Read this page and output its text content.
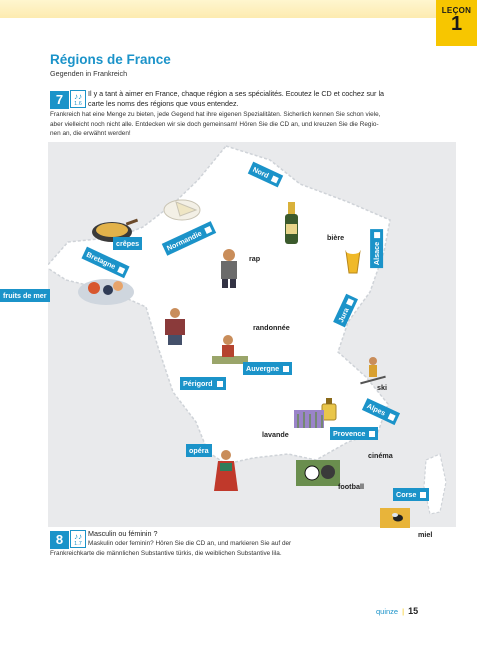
LEÇON
1
Régions de France
Gegenden in Frankreich
7	♪♪
1.6
Il y a tant à aimer en France, chaque région a ses spécialités. Ecoutez le CD et cochez sur la
carte les noms des régions que vous entendez.
Frankreich hat eine Menge zu bieten, jede Gegend hat ihre eigenen Spezialitäten. Sicherlich kennen Sie schon viele,
aber vielleicht noch nicht alle. Entdecken wir sie doch gemeinsam! Hören Sie die CD an, und kreuzen Sie die Regio-
nen an, die erwähnt werden!
Nord
Normandie
Bretagne	Alsace
Jura
Auvergne
Périgord
Alpes
Provence
Corse
crêpes
fruits de mer
rap
bière
randonnée
ski
lavande
opéra
cinéma
football
miel
8	♪♪
1.7
Masculin ou féminin ?
Maskulin oder feminin? Hören Sie die CD an, und markieren Sie auf der
Frankreichkarte die männlichen Substantive türkis, die weiblichen Substantive lila.
quinze | 15
